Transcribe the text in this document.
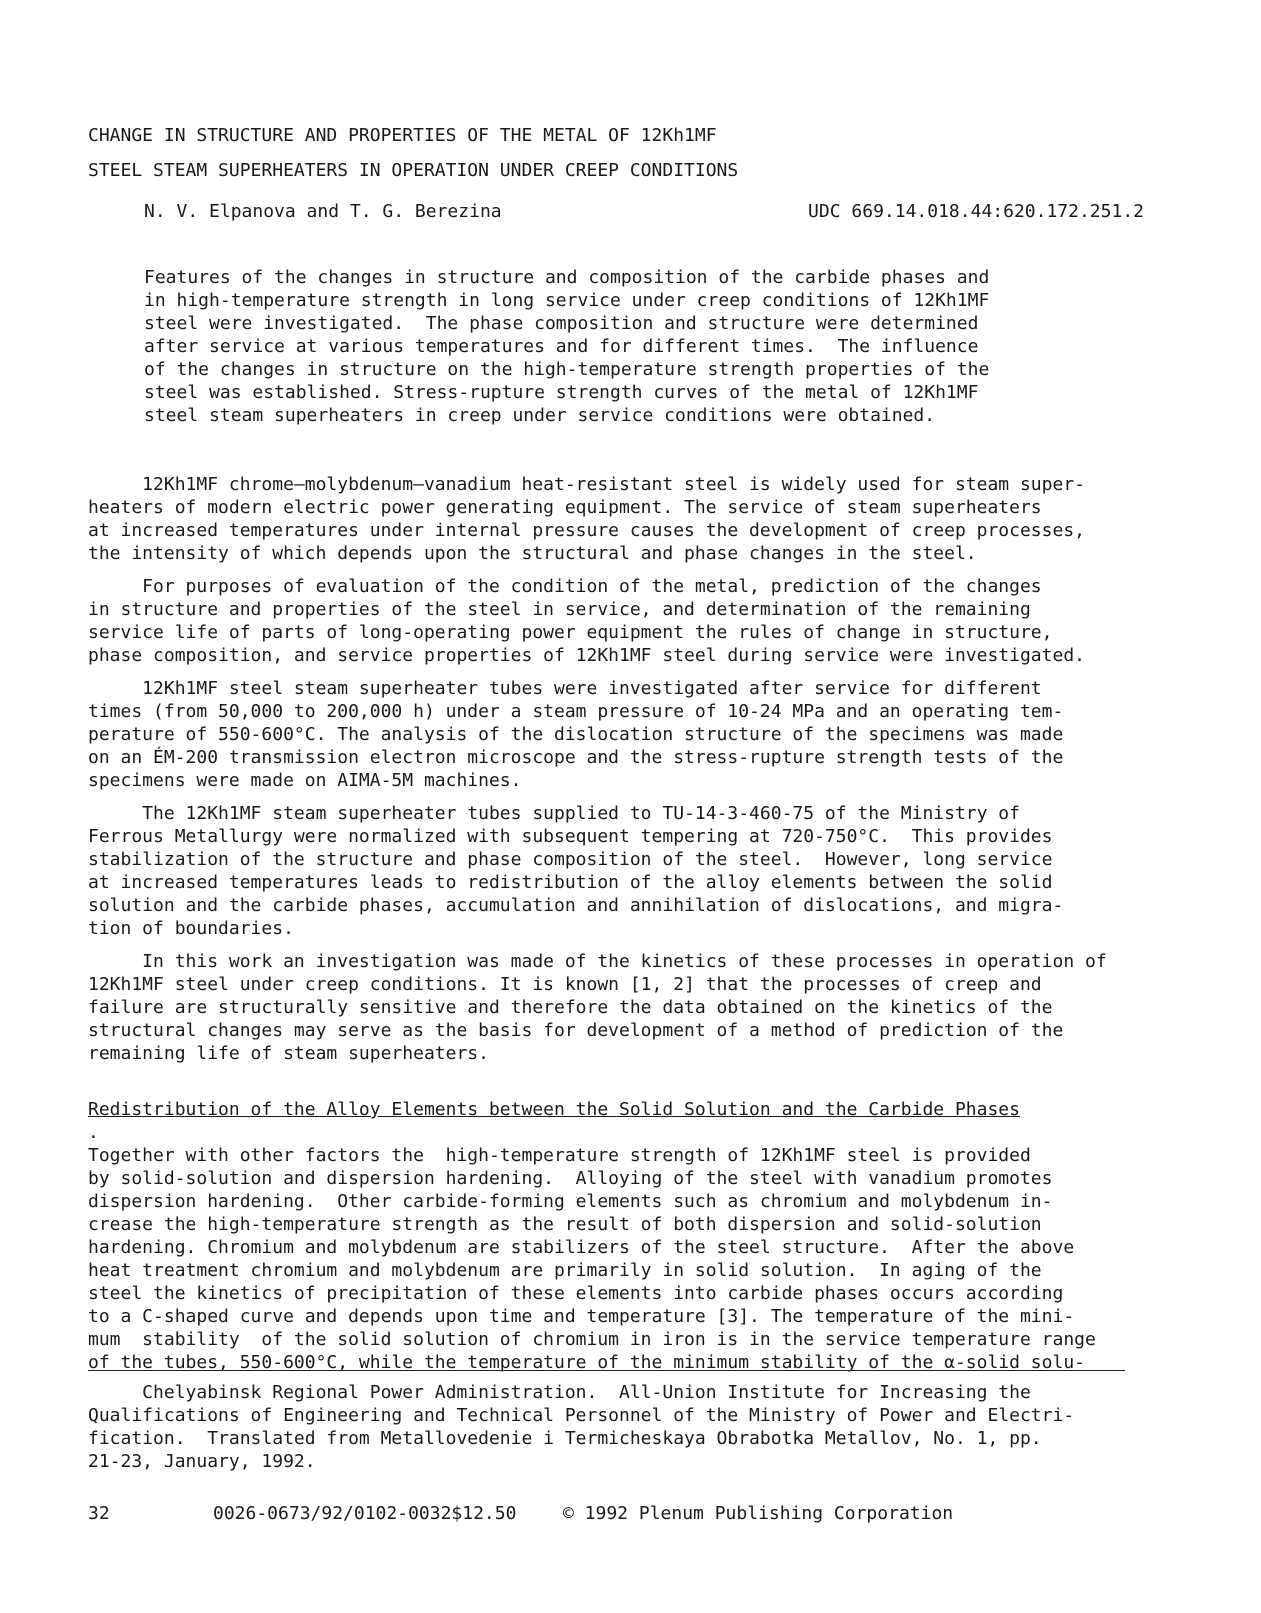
CHANGE IN STRUCTURE AND PROPERTIES OF THE METAL OF 12Kh1MF
STEEL STEAM SUPERHEATERS IN OPERATION UNDER CREEP CONDITIONS
N. V. Elpanova and T. G. Berezina	UDC 669.14.018.44:620.172.251.2
Features of the changes in structure and composition of the carbide phases and
in high-temperature strength in long service under creep conditions of 12Kh1MF
steel were investigated.  The phase composition and structure were determined
after service at various temperatures and for different times.  The influence
of the changes in structure on the high-temperature strength properties of the
steel was established. Stress-rupture strength curves of the metal of 12Kh1MF
steel steam superheaters in creep under service conditions were obtained.
12Kh1MF chrome—molybdenum—vanadium heat-resistant steel is widely used for steam super-
heaters of modern electric power generating equipment. The service of steam superheaters
at increased temperatures under internal pressure causes the development of creep processes,
the intensity of which depends upon the structural and phase changes in the steel.
For purposes of evaluation of the condition of the metal, prediction of the changes
in structure and properties of the steel in service, and determination of the remaining
service life of parts of long-operating power equipment the rules of change in structure,
phase composition, and service properties of 12Kh1MF steel during service were investigated.
12Kh1MF steel steam superheater tubes were investigated after service for different
times (from 50,000 to 200,000 h) under a steam pressure of 10-24 MPa and an operating tem-
perature of 550-600°C. The analysis of the dislocation structure of the specimens was made
on an ÉM-200 transmission electron microscope and the stress-rupture strength tests of the
specimens were made on AIMA-5M machines.
The 12Kh1MF steam superheater tubes supplied to TU-14-3-460-75 of the Ministry of
Ferrous Metallurgy were normalized with subsequent tempering at 720-750°C.  This provides
stabilization of the structure and phase composition of the steel.  However, long service
at increased temperatures leads to redistribution of the alloy elements between the solid
solution and the carbide phases, accumulation and annihilation of dislocations, and migra-
tion of boundaries.
In this work an investigation was made of the kinetics of these processes in operation of
12Kh1MF steel under creep conditions. It is known [1, 2] that the processes of creep and
failure are structurally sensitive and therefore the data obtained on the kinetics of the
structural changes may serve as the basis for development of a method of prediction of the
remaining life of steam superheaters.

Redistribution of the Alloy Elements between the Solid Solution and the Carbide Phases
.
Together with other factors the  high-temperature strength of 12Kh1MF steel is provided
by solid-solution and dispersion hardening.  Alloying of the steel with vanadium promotes
dispersion hardening.  Other carbide-forming elements such as chromium and molybdenum in-
crease the high-temperature strength as the result of both dispersion and solid-solution
hardening. Chromium and molybdenum are stabilizers of the steel structure.  After the above
heat treatment chromium and molybdenum are primarily in solid solution.  In aging of the
steel the kinetics of precipitation of these elements into carbide phases occurs according
to a C-shaped curve and depends upon time and temperature [3]. The temperature of the mini-
mum  stability  of the solid solution of chromium in iron is in the service temperature range
of the tubes, 550-600°C, while the temperature of the minimum stability of the α-solid solu-
Chelyabinsk Regional Power Administration.  All-Union Institute for Increasing the
Qualifications of Engineering and Technical Personnel of the Ministry of Power and Electri-
fication.  Translated from Metallovedenie i Termicheskaya Obrabotka Metallov, No. 1, pp.
21-23, January, 1992.
32	0026-0673/92/0102-0032$12.50	© 1992 Plenum Publishing Corporation
